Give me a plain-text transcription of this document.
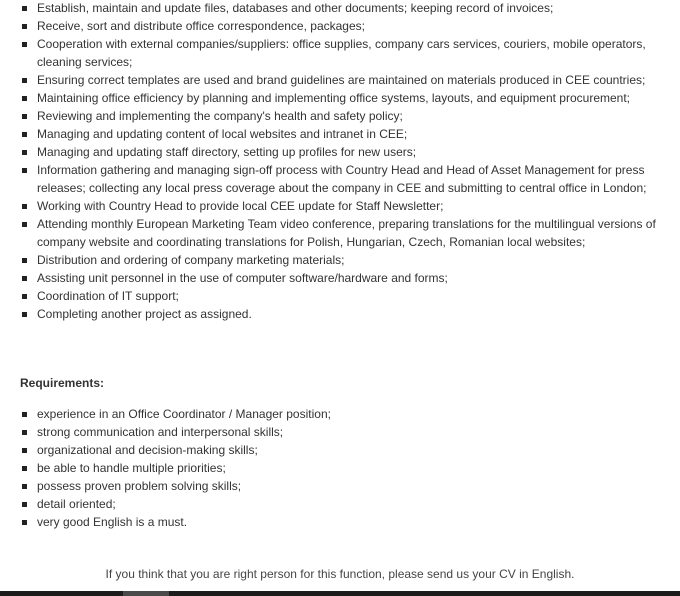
Establish, maintain and update files, databases and other documents; keeping record of invoices;
Receive, sort and distribute office correspondence, packages;
Cooperation with external companies/suppliers: office supplies, company cars services, couriers, mobile operators, cleaning services;
Ensuring correct templates are used and brand guidelines are maintained on materials produced in CEE countries;
Maintaining office efficiency by planning and implementing office systems, layouts, and equipment procurement;
Reviewing and implementing the company's health and safety policy;
Managing and updating content of local websites and intranet in CEE;
Managing and updating staff directory, setting up profiles for new users;
Information gathering and managing sign-off process with Country Head and Head of Asset Management for press releases; collecting any local press coverage about the company in CEE and submitting to central office in London;
Working with Country Head to provide local CEE update for Staff Newsletter;
Attending monthly European Marketing Team video conference, preparing translations for the multilingual versions of company website and coordinating translations for Polish, Hungarian, Czech, Romanian local websites;
Distribution and ordering of company marketing materials;
Assisting unit personnel in the use of computer software/hardware and forms;
Coordination of IT support;
Completing another project as assigned.
Requirements:
experience in an Office Coordinator / Manager position;
strong communication and interpersonal skills;
organizational and decision-making skills;
be able to handle multiple priorities;
possess proven problem solving skills;
detail oriented;
very good English is a must.
If you think that you are right person for this function, please send us your CV in English.
